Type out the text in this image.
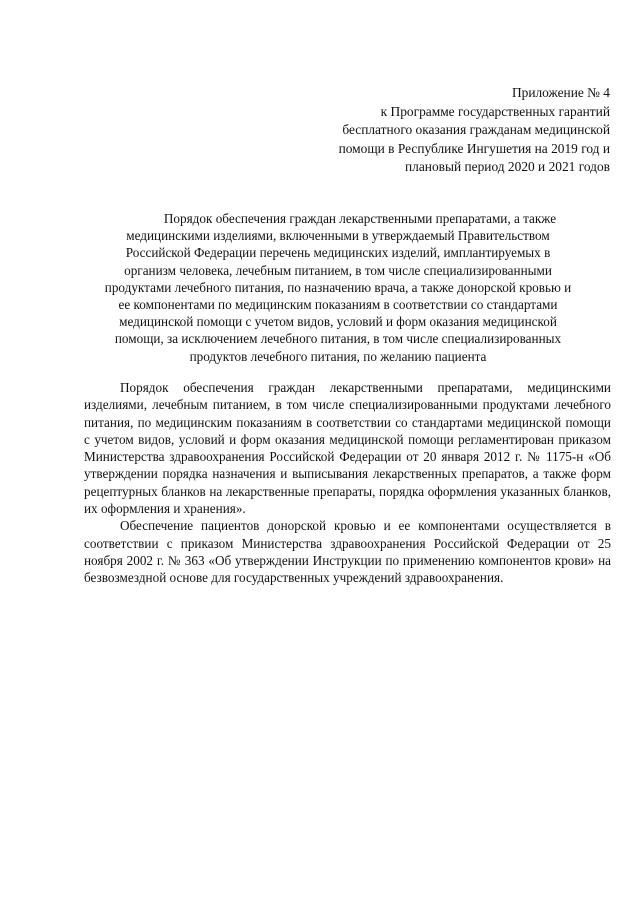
Приложение № 4
к Программе государственных гарантий
бесплатного оказания гражданам медицинской
помощи в Республике Ингушетия на 2019 год и
плановый период 2020 и 2021 годов
Порядок обеспечения граждан лекарственными препаратами, а также
медицинскими изделиями, включенными в утверждаемый Правительством
Российской Федерации перечень медицинских изделий, имплантируемых в
организм человека, лечебным питанием, в том числе специализированными
продуктами лечебного питания, по назначению врача, а также донорской кровью и
ее компонентами по медицинским показаниям в соответствии со стандартами
медицинской помощи с учетом видов, условий и форм оказания медицинской
помощи, за исключением лечебного питания, в том числе специализированных
продуктов лечебного питания, по желанию пациента

Порядок обеспечения граждан лекарственными препаратами, медицинскими изделиями, лечебным питанием, в том числе специализированными продуктами лечебного питания, по медицинским показаниям в соответствии со стандартами медицинской помощи с учетом видов, условий и форм оказания медицинской помощи регламентирован приказом Министерства здравоохранения Российской Федерации от 20 января 2012 г. № 1175-н «Об утверждении порядка назначения и выписывания лекарственных препаратов, а также форм рецептурных бланков на лекарственные препараты, порядка оформления указанных бланков, их оформления и хранения».

Обеспечение пациентов донорской кровью и ее компонентами осуществляется в соответствии с приказом Министерства здравоохранения Российской Федерации от 25 ноября 2002 г. № 363 «Об утверждении Инструкции по применению компонентов крови» на безвозмездной основе для государственных учреждений здравоохранения.
